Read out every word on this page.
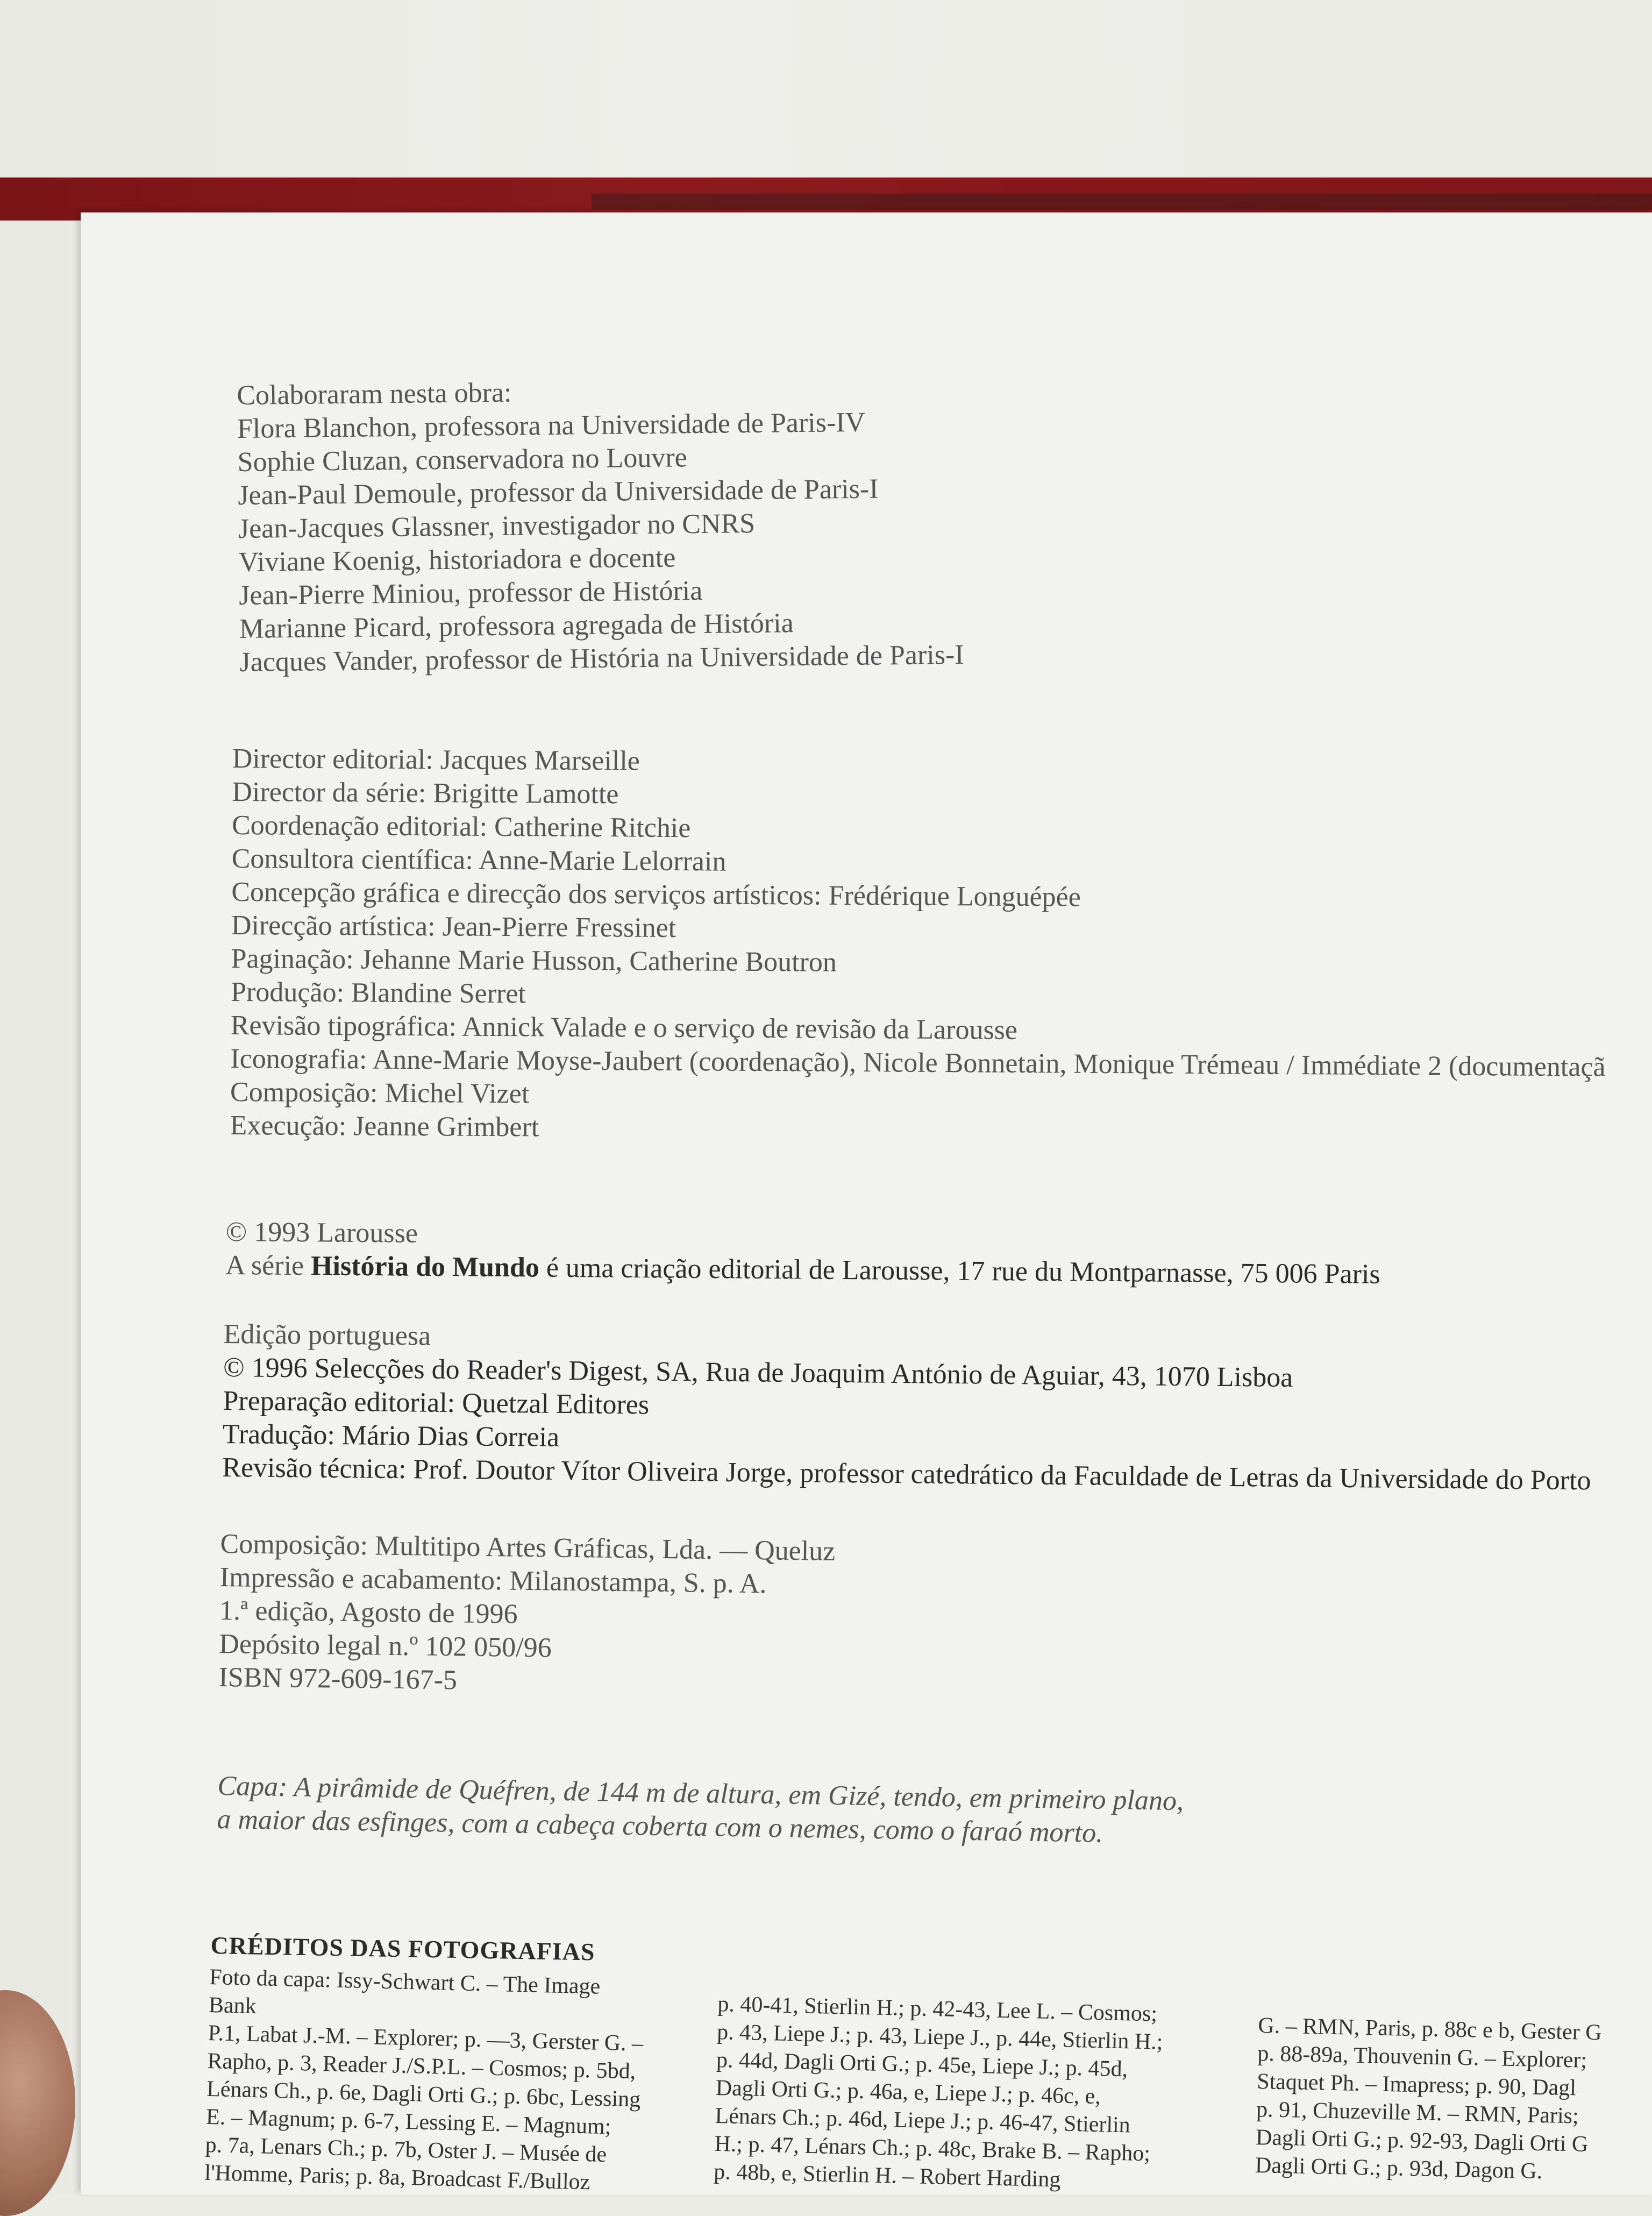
Colaboraram nesta obra:
Flora Blanchon, professora na Universidade de Paris-IV
Sophie Cluzan, conservadora no Louvre
Jean-Paul Demoule, professor da Universidade de Paris-I
Jean-Jacques Glassner, investigador no CNRS
Viviane Koenig, historiadora e docente
Jean-Pierre Miniou, professor de História
Marianne Picard, professora agregada de História
Jacques Vander, professor de História na Universidade de Paris-I
Director editorial: Jacques Marseille
Director da série: Brigitte Lamotte
Coordenação editorial: Catherine Ritchie
Consultora científica: Anne-Marie Lelorrain
Concepção gráfica e direcção dos serviços artísticos: Frédérique Longuépée
Direcção artística: Jean-Pierre Fressinet
Paginação: Jehanne Marie Husson, Catherine Boutron
Produção: Blandine Serret
Revisão tipográfica: Annick Valade e o serviço de revisão da Larousse
Iconografia: Anne-Marie Moyse-Jaubert (coordenação), Nicole Bonnetain, Monique Trémeau / Immédiate 2 (documentaçã
Composição: Michel Vizet
Execução: Jeanne Grimbert
© 1993 Larousse
A série História do Mundo é uma criação editorial de Larousse, 17 rue du Montparnasse, 75 006 Paris
Edição portuguesa
© 1996 Selecções do Reader's Digest, SA, Rua de Joaquim António de Aguiar, 43, 1070 Lisboa
Preparação editorial: Quetzal Editores
Tradução: Mário Dias Correia
Revisão técnica: Prof. Doutor Vítor Oliveira Jorge, professor catedrático da Faculdade de Letras da Universidade do Porto
Composição: Multitipo Artes Gráficas, Lda. — Queluz
Impressão e acabamento: Milanostampa, S. p. A.
1.ª edição, Agosto de 1996
Depósito legal n.º 102 050/96
ISBN 972-609-167-5
Capa: A pirâmide de Quéfren, de 144 m de altura, em Gizé, tendo, em primeiro plano,
a maior das esfinges, com a cabeça coberta com o nemes, como o faraó morto.
CRÉDITOS DAS FOTOGRAFIAS
Foto da capa: Issy-Schwart C. – The Image
Bank
P.1, Labat J.-M. – Explorer; p. —3, Gerster G. –
Rapho, p. 3, Reader J./S.P.L. – Cosmos; p. 5bd,
Lénars Ch., p. 6e, Dagli Orti G.; p. 6bc, Lessing
E. – Magnum; p. 6-7, Lessing E. – Magnum;
p. 7a, Lenars Ch.; p. 7b, Oster J. – Musée de
l'Homme, Paris; p. 8a, Broadcast F./Bulloz
p. 40-41, Stierlin H.; p. 42-43, Lee L. – Cosmos;
p. 43, Liepe J.; p. 43, Liepe J., p. 44e, Stierlin H.;
p. 44d, Dagli Orti G.; p. 45e, Liepe J.; p. 45d,
Dagli Orti G.; p. 46a, e, Liepe J.; p. 46c, e,
Lénars Ch.; p. 46d, Liepe J.; p. 46-47, Stierlin
H.; p. 47, Lénars Ch.; p. 48c, Brake B. – Rapho;
p. 48b, e, Stierlin H. – Robert Harding
G. – RMN, Paris, p. 88c e b, Gester G
p. 88-89a, Thouvenin G. – Explorer;
Staquet Ph. – Imapress; p. 90, Dagl
p. 91, Chuzeville M. – RMN, Paris;
Dagli Orti G.; p. 92-93, Dagli Orti G
Dagli Orti G.; p. 93d, Dagon G.
